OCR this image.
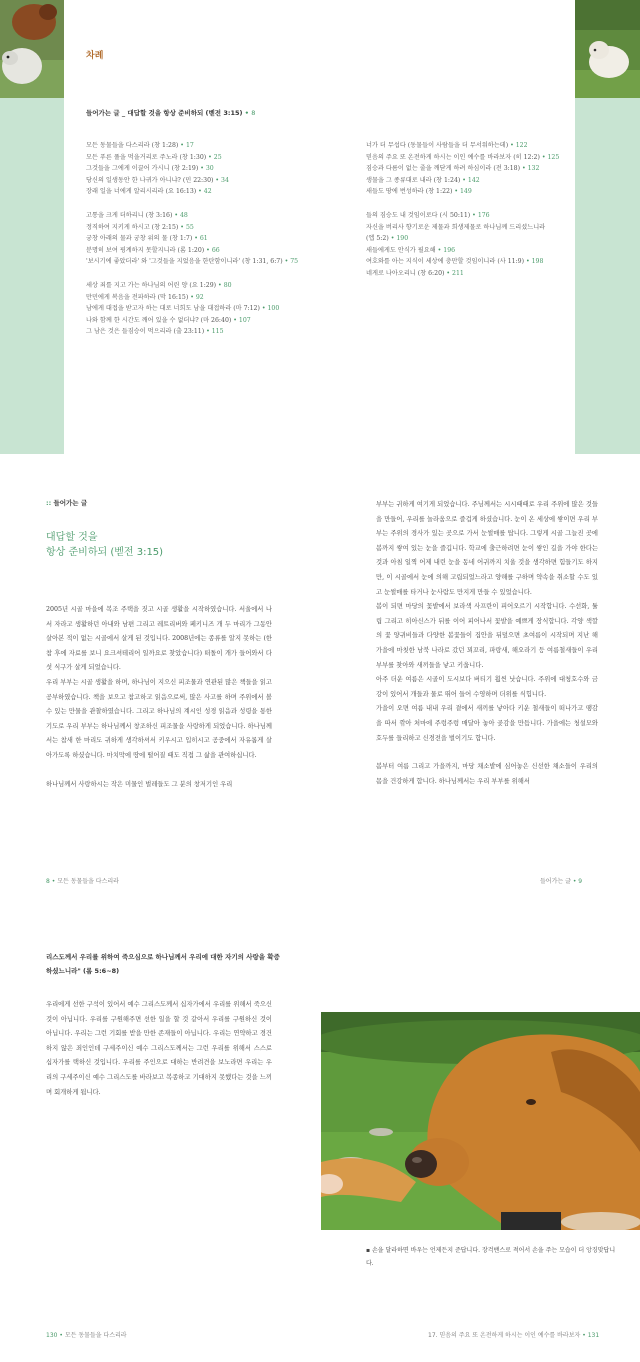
차례
들어가는 글 _ 대답할 것을 항상 준비하되 (벧전 3:15) • 8
모든 동물들을 다스리라 (창 1:28) • 17
모든 푸른 풀을 먹을거리로 주노라 (창 1:30) • 25
그것들을 그에게 이끌어 가시니 (창 2:19) • 30
당신의 일생동안 한 나귀가 아니냐? (민 22:30) • 34
장래 일을 너에게 알리시리라 (요 16:13) • 42
고통을 크게 더하리니 (창 3:16) • 48
정직하여 지키게 하시고 (창 2:15) • 55
궁창 아래의 물과 궁창 위의 물 (창 1:7) • 61
분명히 보여 핑계하지 못할지니라 (롬 1:20) • 66
'보시기에 좋았더라' 와 '그것들을 지었음을 한탄함이니라' (창 1:31, 6:7) • 75
세상 죄를 지고 가는 하나님의 어린 양 (요 1:29) • 80
만민에게 복음을 전파하라 (막 16:15) • 92
남에게 대접을 받고자 하는 대로 너희도 남을 대접하라 (마 7:12) • 100
나와 함께 한 시간도 깨어 있을 수 없더냐? (마 26:40) • 107
그 남은 것은 들짐승이 먹으리라 (출 23:11) • 115
너가 더 무섭다 (동물들이 사람들을 더 무서워하는데) • 122
믿음의 주요 또 온전하게 하시는 이인 예수를 바라보자 (히 12:2) • 125
짐승과 다름이 없는 줄을 깨닫게 하려 하심이라 (전 3:18) • 132
생물을 그 종류대로 내라 (창 1:24) • 142
새들도 땅에 번성하라 (창 1:22) • 149
들의 짐승도 내 것임이로다 (시 50:11) • 176
자신을 버리사 향기로운 제물과 희생제물로 하나님께 드리셨느니라
(엡 5:2) • 190
새들에게도 안식가 필요해 • 196
여호와를 아는 지식이 세상에 충만할 것임이니라 (사 11:9) • 198
네게로 나아오리니 (창 6:20) • 211
:: 들어가는 글
대답할 것을
항상 준비하되 (벧전 3:15)

2005년 시골 마을에 복조 주택을 짓고 시골 생활을 시작하였습니다. 서울에서 나서 자라고 생활하던 아내와 남편 그리고 레트리버와 페키니즈 개 두 마리가 그동안 살아본 적이 없는 시골에서 살게 된 것입니다. 2008년에는 종류를 알지 못하는 (한참 후에 자료를 보니 요크셔테리어 일까요로 찾았습니다) 떠돌이 개가 들어와서 다섯 식구가 살게 되었습니다.

우리 부부는 시골 생활을 하며, 하나님이 지으신 피조물과 연관된 많은 책들을 읽고 공부하였습니다. 책을 보으고 참고하고 읽음으로써, 많은 사고를 하며 주위에서 볼 수 있는 만물을 관찰하였습니다. 그리고 하나님의 계시인 성경 읽음과 성령을 통한 기도로 우리 부부는 하나님께서 창조하신 피조물을 사랑하게 되었습니다. 하나님께서는 참새 한 마리도 귀하게 생각하셔서 키우시고 입히시고 공중에서 자유롭게 살아가도록 하셨습니다. 마치막에 땅에 떨어질 때도 직접 그 삶을 관여하십니다.

하나님께서 사랑하시는 작은 미물인 벌레들도 그 분의 창저기인 우리

부부는 귀하게 여기게 되었습니다. 주님께서는 시시때때로 우리 주위에 많은 것들을 만들어, 우리를 놀라움으로 즐겁게 하셨습니다. 눈이 온 세상에 쌓이면 우리 부부는 주위의 경사가 있는 곳으로 가서 눈썰매를 탑니다. 그렇게 시골 그늘진 곳에 봄까지 쌓여 있는 눈을 즐깁니다. 학교에 출근하려면 눈이 쌓인 길을 가야 한다는 것과 아침 일찍 어제 내린 눈을 동네 어귀까지 치울 것을 생각하면 힘들기도 하지만, 이 시골에서 눈에 의해 고립되었느라고 양해를 구하며 약속을 취소할 수도 있고 눈썰매를 타거나 눈사람도 만지게 만들 수 있었습니다.

봄이 되면 마당의 꽃밭에서 보라색 사프란이 피어오르기 시작합니다. 수선화, 튤립 그리고 히아신스가 뒤를 이어 피어나서 꽃밭을 예쁘게 장식합니다. 각양 색깔의 꽃 양귀비들과 다양한 봄꽃들이 집안을 뒤덮으면 초여름이 시작되며 지난 해 가을에 마칫한 남북 나라로 갔던 꾀꼬리, 파랑새, 해오라기 등 여름철새들이 우리 부부를 찾아와 새끼들을 낳고 키웁니다.

아주 더운 여름은 시골이 도시보다 버티기 훨씬 낫습니다. 주위에 대청호수와 금강이 있어서 개들과 물로 뛰어 들어 수영하며 더위를 식힙니다.

가을이 오면 여름 내내 우리 곁에서 새끼를 낳아다 키운 철새들이 떠나가고 땡감을 따서 깎아 처마에 주렁주렁 매달아 놓아 곶감을 만듭니다. 가을에는 청설모와 호두를 들리하고 신경전을 벌이기도 합니다.

봄부터 여름 그리고 가을까지, 마당 채소밭에 심어놓은 신선한 채소들이 우리의 몸을 건강하게 합니다. 하나님께서는 우리 부부를 위해서

8 • 모든 동물들을 다스리라	들어가는 글 • 9
리스도께서 우리를 위하여 죽으심으로 하나님께서 우리에 대한 자기의 사랑을 확증하셨느니라" (롬 5:6~8)

우리에게 선한 구석이 있어서 예수 그리스도께서 십자가에서 우리를 위해서 죽으신 것이 아닙니다. 우리를 구원해주면 선한 일을 할 것 같아서 우리를 구원하신 것이 아닙니다. 우리는 그런 기회를 받을 만한 존재들이 아닙니다. 우리는 연약하고 경건하지 않은 죄인인데 구세주이신 예수 그리스도께서는 그런 우리를 위해서 스스로 십자가를 택하신 것입니다. 우리를 주인으로 대하는 반려견을 보노라면 우리는 우리의 구세주이신 예수 그리스도를 바라보고 복종하고 기대하지 못했다는 것을 느끼며 회개하게 됩니다.

▪ 손을 달라하면 바우는 언제든지 준답니다. 장걱밴스로 적어서 손을 주는 모습이 더 앙징맞답니다.
130 • 모든 동물들을 다스리라	17. 믿음의 주요 또 온전하게 하시는 이인 예수를 바라보자 • 131
